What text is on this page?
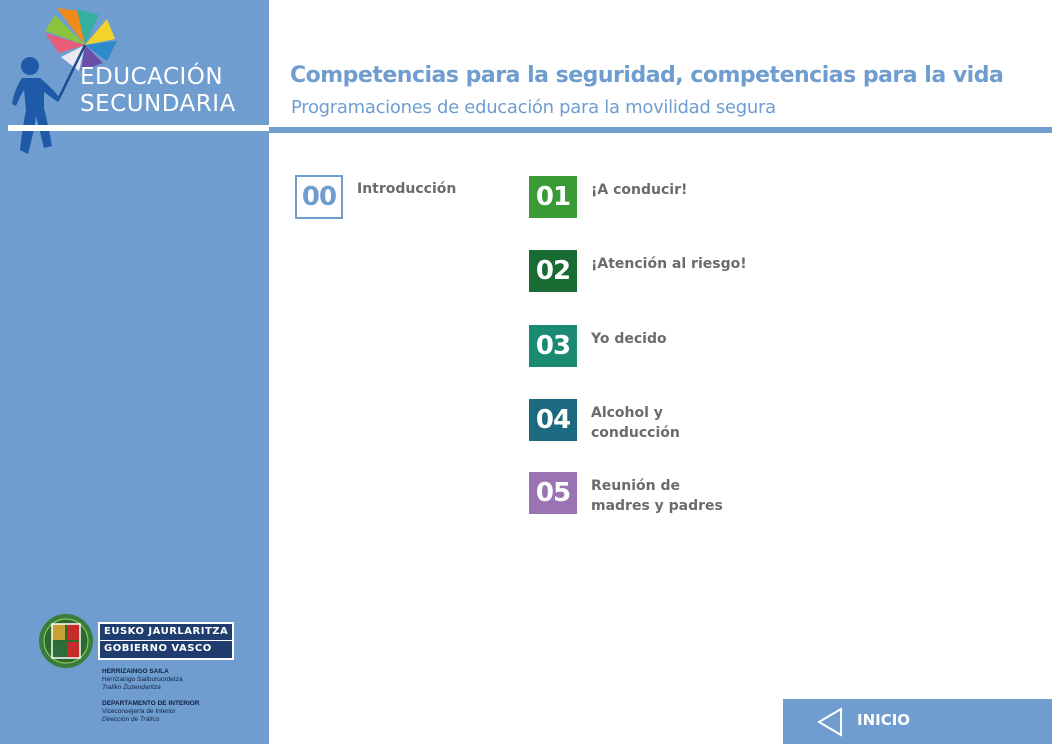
EDUCACIÓN
SECUNDARIA
EUSKO JAURLARITZA
GOBIERNO VASCO
HERRIZAINGO SAILA
Herrizaingo Sailburuordetza
Trafiko Zuzendaritza
DEPARTAMENTO DE INTERIOR
Viceconsejería de Interior
Dirección de Tráfico
Competencias para la seguridad, competencias para la vida
Programaciones de educación para la movilidad segura
00	Introducción	01	¡A conducir!
02	¡Atención al riesgo!
03	Yo decido
04	Alcohol y
conducción
05	Reunión de
madres y padres
INICIO
